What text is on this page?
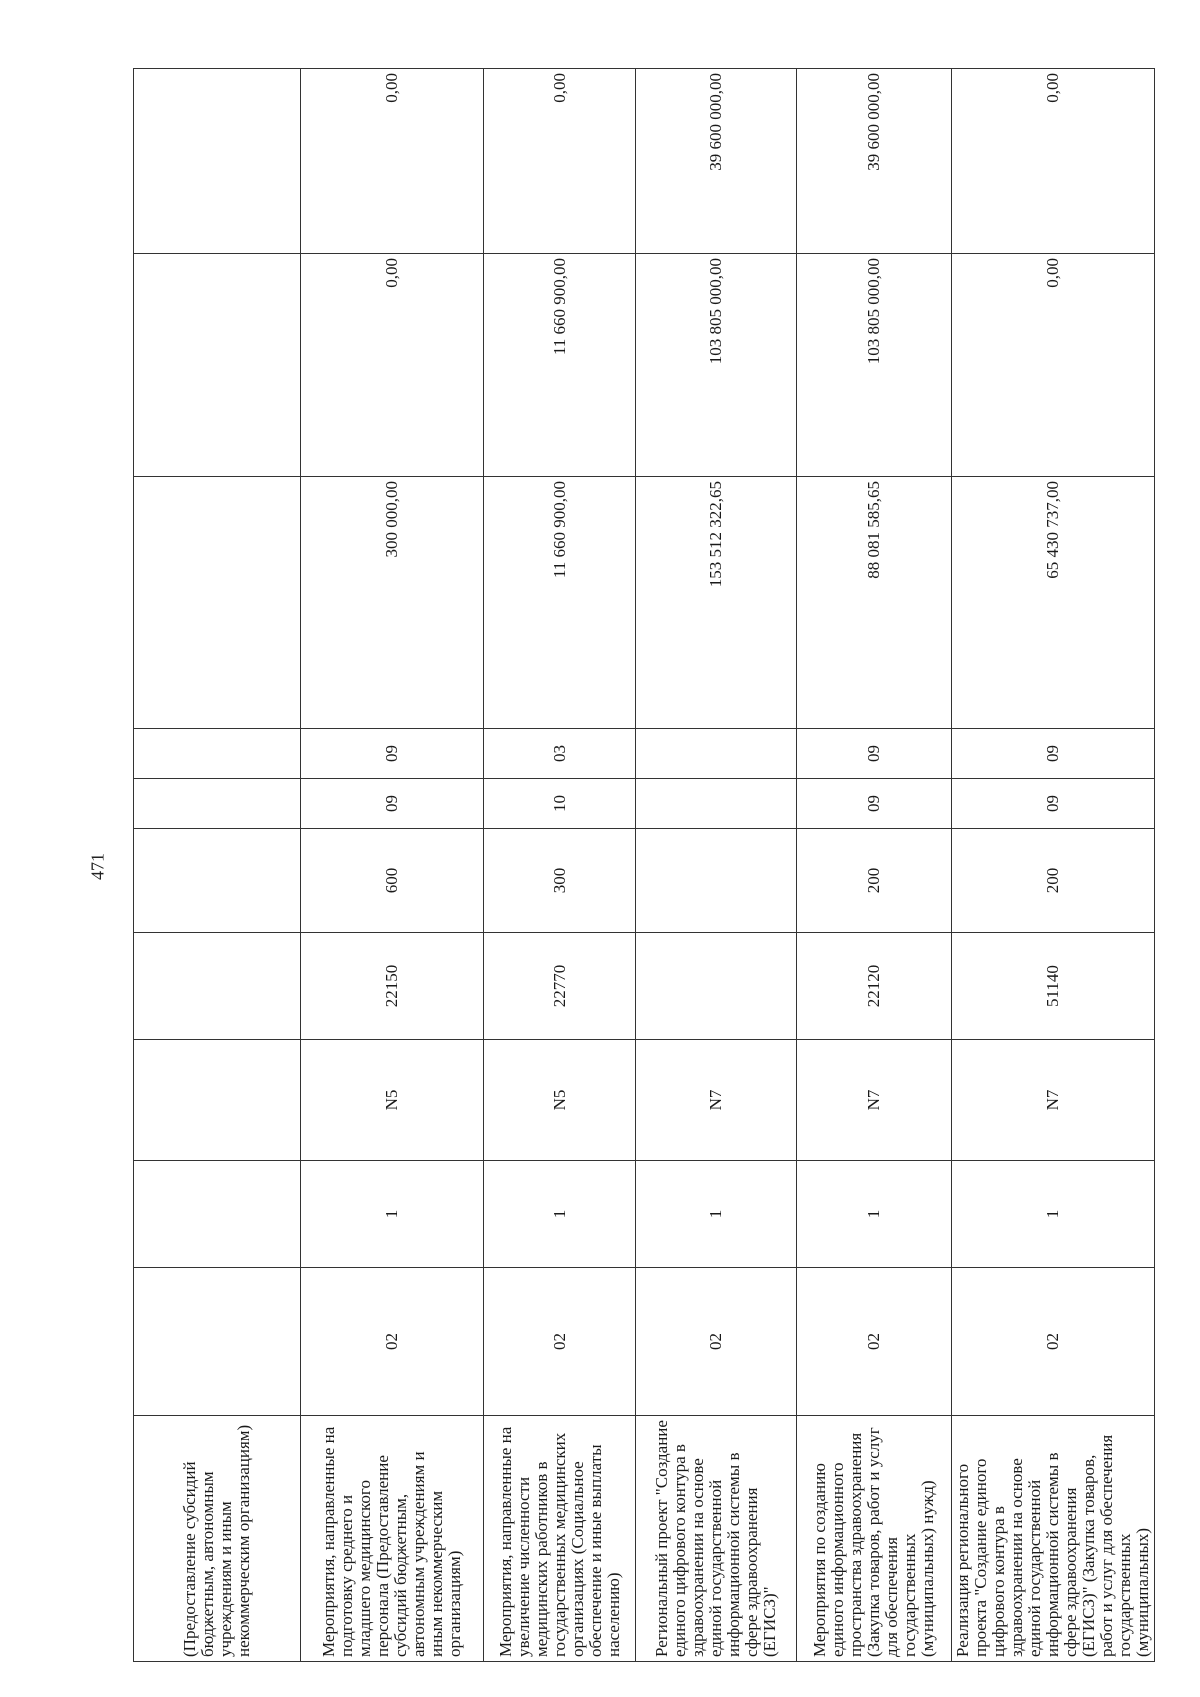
471
(Предоставление субсидий бюджетным, автономным учреждениям и иным некоммерческим организациям)										
Мероприятия, направленные на подготовку среднего и младшего медицинского персонала (Предоставление субсидий бюджетным, автономным учреждениям и иным некоммерческим организациям)	02	1	N5	22150	600	09	09	300 000,00	0,00	0,00
Мероприятия, направленные на увеличение численности медицинских работников в государственных медицинских организациях (Социальное обеспечение и иные выплаты населению)	02	1	N5	22770	300	10	03	11 660 900,00	11 660 900,00	0,00
Региональный проект "Создание единого цифрового контура в здравоохранении на основе единой государственной информационной системы в сфере здравоохранения (ЕГИСЗ)"	02	1	N7					153 512 322,65	103 805 000,00	39 600 000,00
Мероприятия по созданию единого информационного пространства здравоохранения (Закупка товаров, работ и услуг для обеспечения государственных (муниципальных) нужд)	02	1	N7	22120	200	09	09	88 081 585,65	103 805 000,00	39 600 000,00
Реализация регионального проекта "Создание единого цифрового контура в здравоохранении на основе единой государственной информационной системы в сфере здравоохранения (ЕГИСЗ)" (Закупка товаров, работ и услуг для обеспечения государственных (муниципальных)	02	1	N7	51140	200	09	09	65 430 737,00	0,00	0,00
